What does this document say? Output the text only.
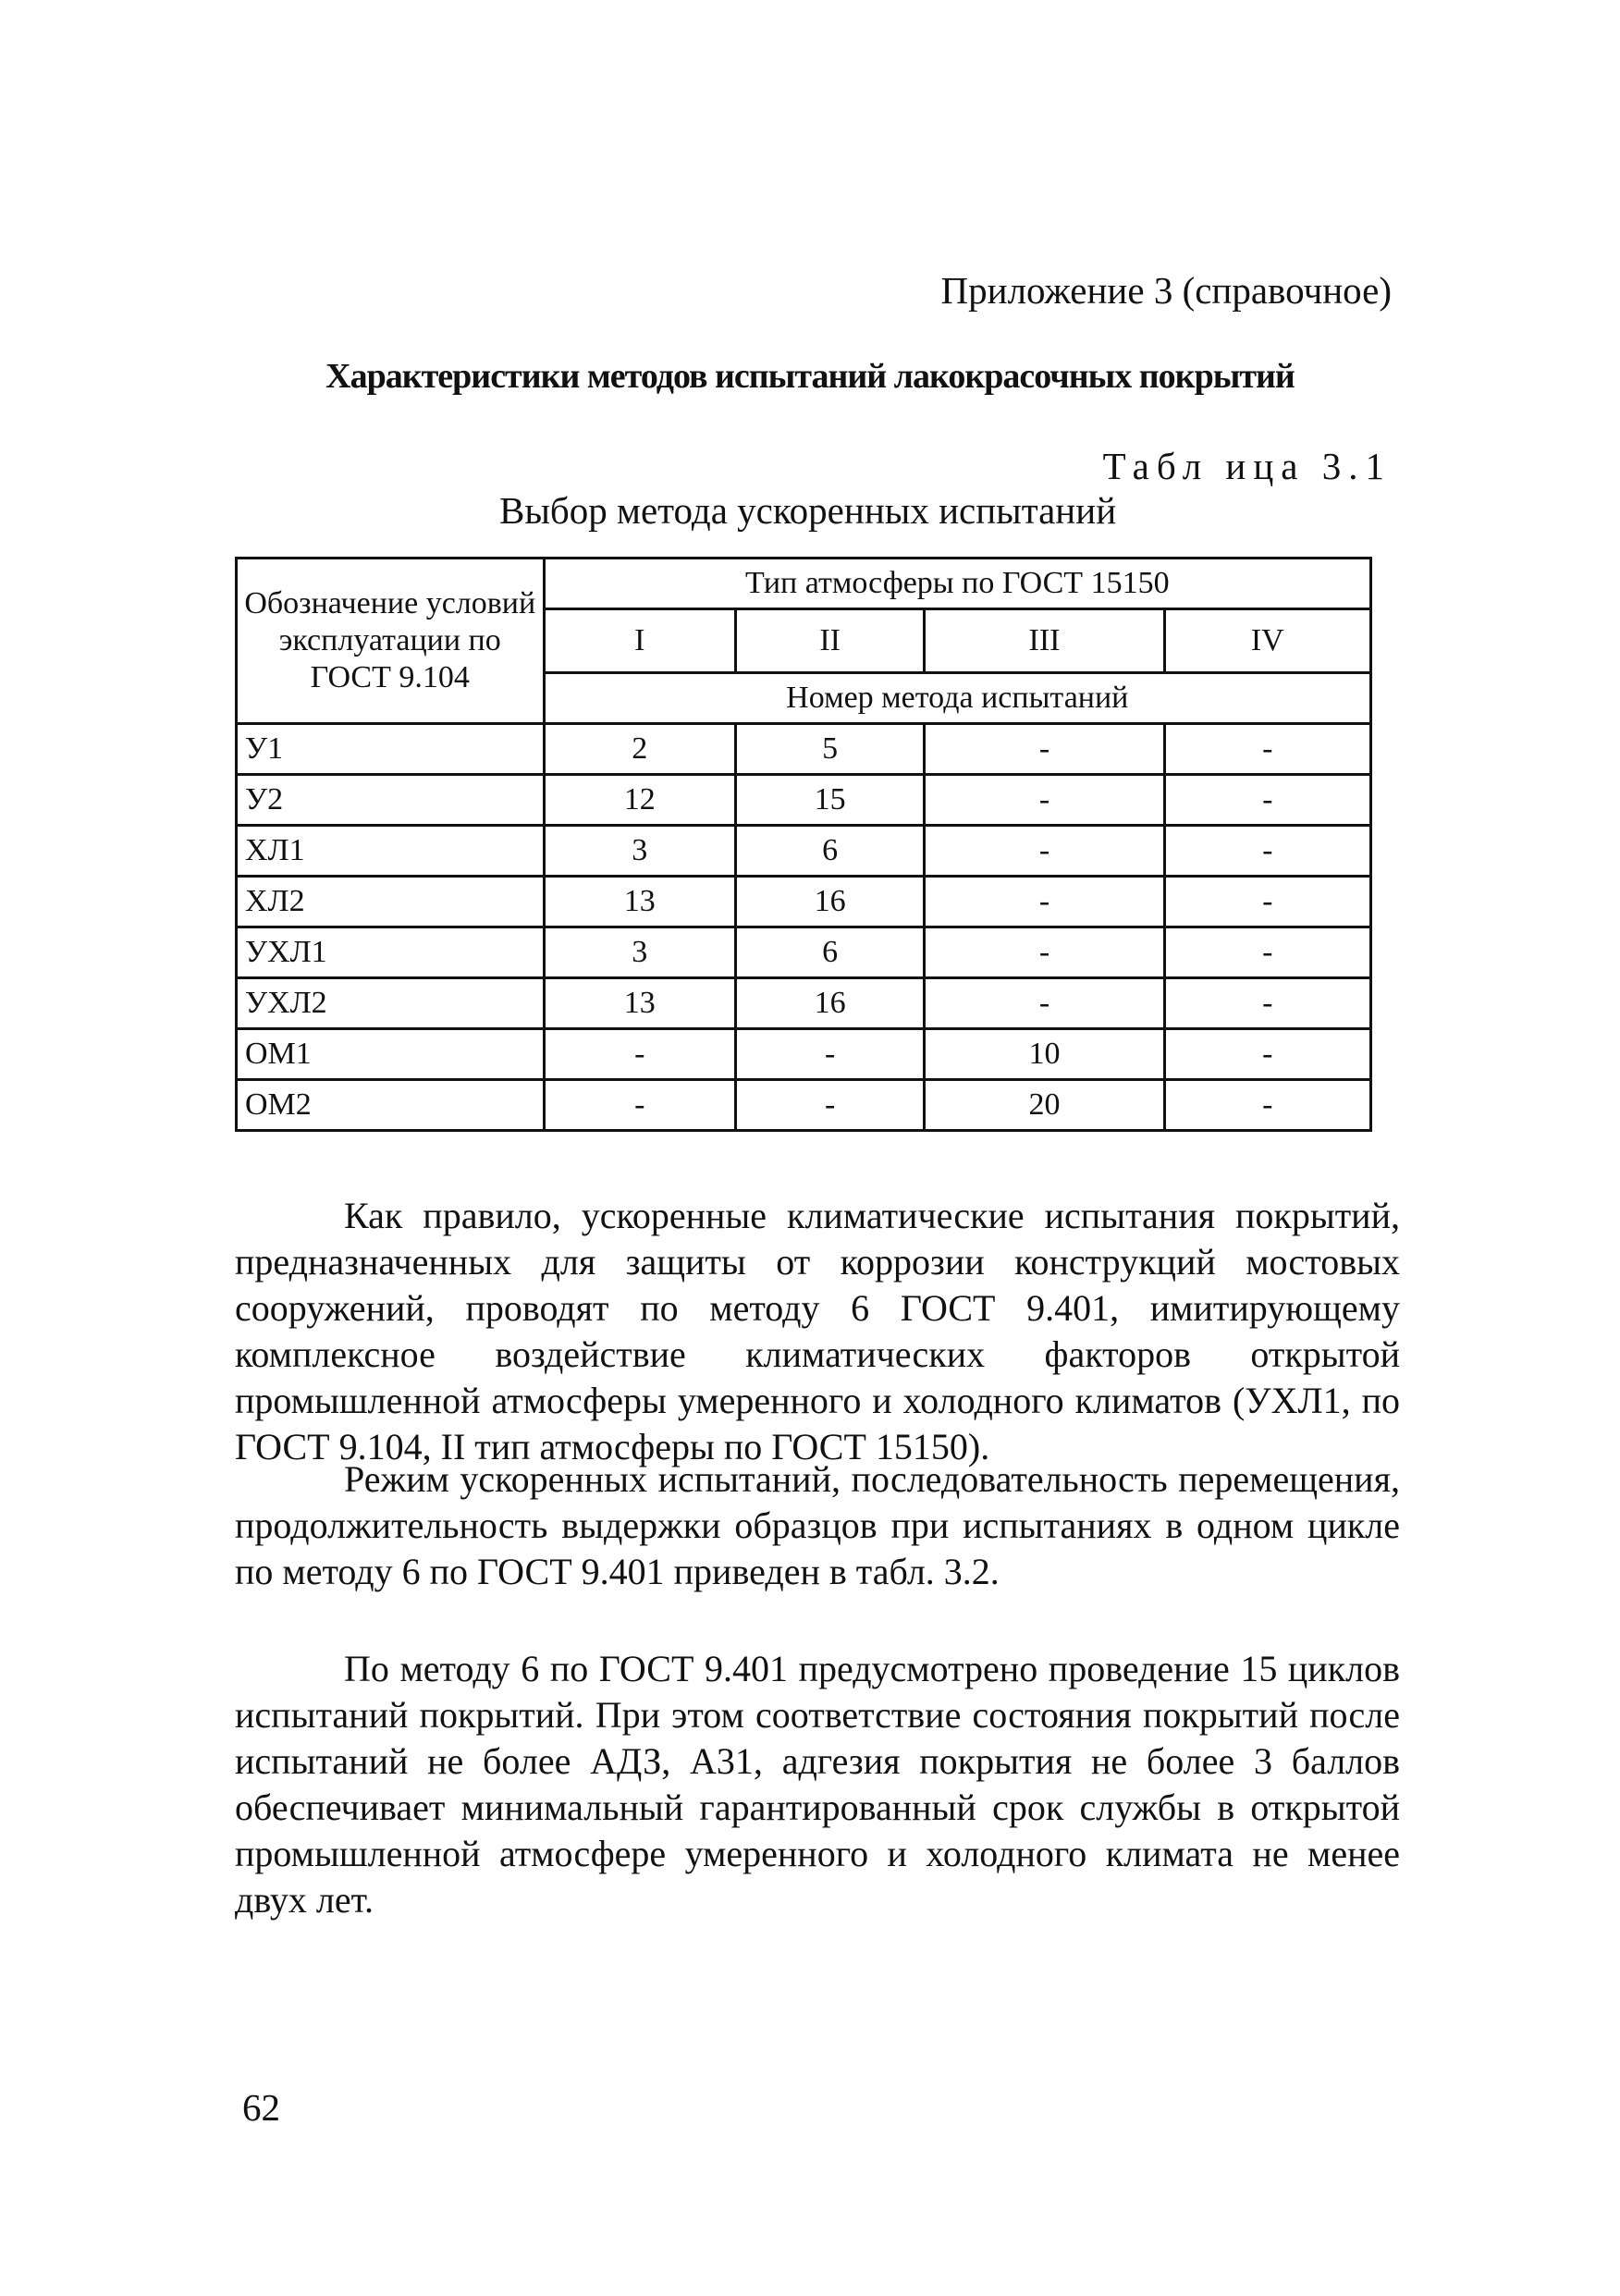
Приложение 3 (справочное)
Характеристики методов испытаний лакокрасочных покрытий
Табл ица 3.1
Выбор метода ускоренных испытаний
Обозначение условий эксплуатации по ГОСТ 9.104	Тип атмосферы по ГОСТ 15150			
	I	II	III	IV
	Номер метода испытаний			
У1	2	5	-	-
У2	12	15	-	-
ХЛ1	3	6	-	-
ХЛ2	13	16	-	-
УХЛ1	3	6	-	-
УХЛ2	13	16	-	-
ОМ1	-	-	10	-
ОМ2	-	-	20	-
Как правило, ускоренные климатические испытания покрытий, предназначенных для защиты от коррозии конструкций мостовых сооружений, проводят по методу 6 ГОСТ 9.401, имитирующему комплексное воздействие климатических факторов открытой промышленной атмосферы умеренного и холодного климатов (УХЛ1, по ГОСТ 9.104, II тип атмосферы по ГОСТ 15150).
Режим ускоренных испытаний, последовательность перемещения, продолжительность выдержки образцов при испытаниях в одном цикле по методу 6 по ГОСТ 9.401 приведен в табл. 3.2.
По методу 6 по ГОСТ 9.401 предусмотрено проведение 15 циклов испытаний покрытий. При этом соответствие состояния покрытий после испытаний не более АДЗ, А31, адгезия покрытия не более 3 баллов обеспечивает минимальный гарантированный срок службы в открытой промышленной атмосфере умеренного и холодного климата не менее двух лет.
62
